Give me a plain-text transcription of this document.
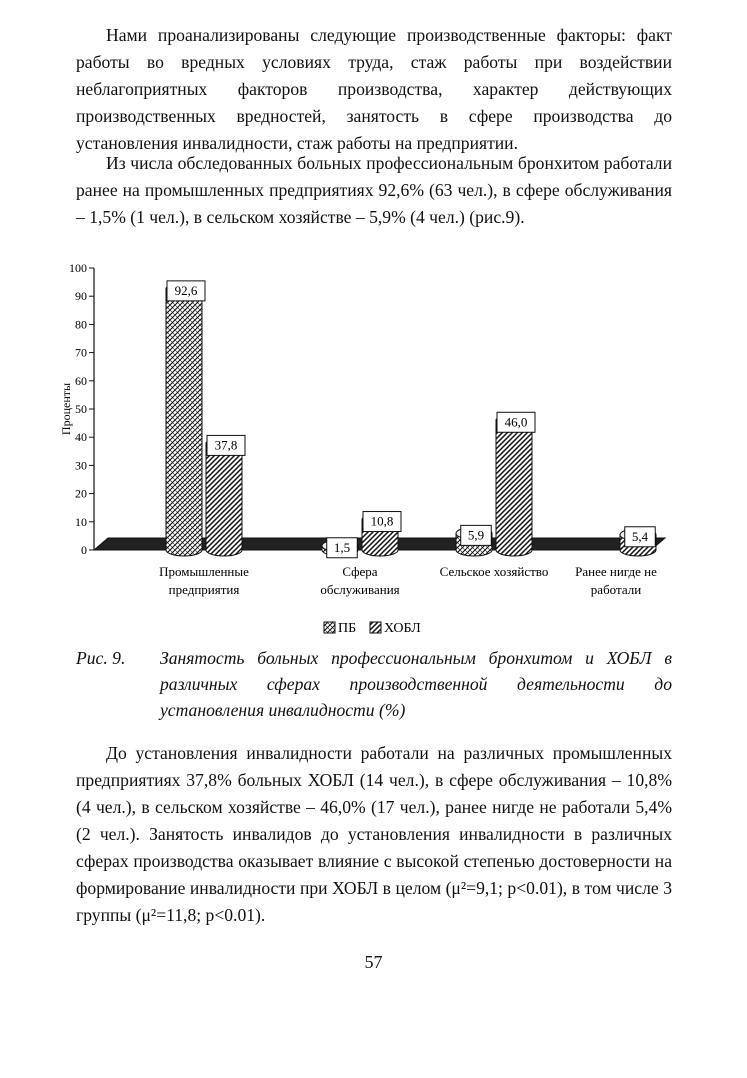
Нами проанализированы следующие производственные факторы: факт работы во вредных условиях труда, стаж работы при воздействии неблагоприятных факторов производства, характер действующих производственных вредностей, занятость в сфере производства до установления инвалидности, стаж работы на предприятии.

Из числа обследованных больных профессиональным бронхитом работали ранее на промышленных предприятиях 92,6% (63 чел.), в сфере обслуживания – 1,5% (1 чел.), в сельском хозяйстве – 5,9% (4 чел.) (рис.9).

0
10
20
30
40
50
60
70
80
90
100
Проценты
92,6
1,5
5,9
37,8
10,8
46,0
5,4
Промышленные
предприятия
Сфера
обслуживания
Сельское хозяйство Ранее нигде не
работали
ПБ ХОБЛ
Рис. 9.	Занятость больных профессиональным бронхитом и ХОБЛ в различных сферах производственной деятельности до установления инвалидности (%)

До установления инвалидности работали на различных промышленных предприятиях 37,8% больных ХОБЛ (14 чел.), в сфере обслуживания – 10,8% (4 чел.), в сельском хозяйстве – 46,0% (17 чел.), ранее нигде не работали 5,4% (2 чел.). Занятость инвалидов до установления инвалидности в различных сферах производства оказывает влияние с высокой степенью достоверности на формирование инвалидности при ХОБЛ в целом (μ²=9,1; p<0.01), в том числе 3 группы (μ²=11,8; p<0.01).

57
